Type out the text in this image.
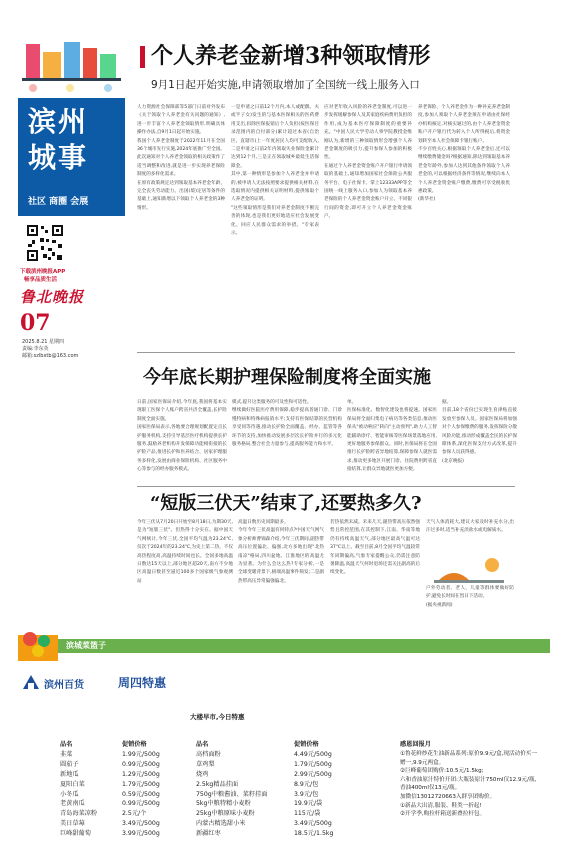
滨州
城事
社区 商圈 会展
下载滨州晚报APP
畅享品质生活
鲁北晚报
07
2025.8.21 星期四
责编:李东英
邮箱:szlbxtb@163.com
个人养老金新增3种领取情形
9月1日起开始实施,申请领取增加了全国统一线上服务入口
人力资源社会保障部等5部门日前对外发布《关于领取个人养老金有关问题的通知》,进一步丰富个人养老金领取情形,明确具体操作办法,自9月1日起开始实施。
我国个人养老金制度于2022年11月在全国36个城市先行实施,2024年底推广至全国。此次通知对个人养老金领取的相关政策作了适当调整和改进,就是进一步实现养老保险制度的多样化需求。
在原有政策规定达到领取基本养老金年龄、完全丧失劳动能力、出国(境)定居等条件的基础上,通知新增以下领取个人养老金的3种情形。
一是申请之日前12个月内,本人或配偶、夫或半子女)发生的与基本医保相关的医药费用支出,扣除医保报销后个人负担(按医保目录范围内的自付部分)累计超过本省(自治区、直辖市)上一年度居民人均可支配收入,二是申请之日前2年内领取失业保险金累计达到12个月,三是正在领取城乡最低生活保障金。
其中,第一种情形是参加个人养老金并申请的,被申请人无法按照要求提供相关材料,在选取情况内提供相关证明材料,提供领取个人养老金的证明。
"这些领取情形是我们对养老金制度不断完善的体现,也是我们更好地适应社会发展变化、回应人民群众需求的举措。"专家表示。
应对老年收入风险的养老金制度,可以进一步发挥缓解参保人及其家庭疾病费用负担的作用,成为基本医疗保障制度的重要补充。"中国人民大学劳动人事学院教授金维刚认为,新增的三种领取情形会增强个人养老金制度的吸引力,提升参保人参加的积极性。
在通过个人养老金资金账户开户银行申请领取的基础上,通知增加国家社会保险公共服务平台、电子社保卡、掌上12333APP等全国统一线上服务入口,参加人为领取基本养老保险的个人养老金资金账户开立、不同银行间的资金,即可开立个人养老金资金账户。
养老保险、个人养老金作为一种补充养老金制度,参加人须取个人养老金须在申请由社保经办机构核定,对核实通过的,由个人养老金资金账户开户银行代为转入个人所得税后,将资金划转至本人社会保障卡银行账户。
不少百姓关心,根据领取个人养老金后,还可以继续缴费储金吗?根据通知,除达到领取基本养老金年龄外,参加人达到其他条件领取个人养老金的,可以根据经济条件等情况,继续向本人个人养老金资金账户缴费,缴费可享受税收优惠政策。
(新华社)
今年底长期护理保险制度将全面实施
日前,国家医保局介绍,今年底,我国将基本实现职工医保个人账户跨省共济全覆盖,长护险制度全面实施。
国家医保局表示,各地要合理规划配置定点长护服务机构,支持引导基层医疗机构提供长护服务,鼓励养老机构开发保障功能相衔接的长护险产品,推进长护和医养结合、居家护理服务多样化,发展由商业保险机构、社区服务中心等参与的经办服务模式。
模式,提升这类服务的可及性和可适性。
继续做好医院医疗费用保障,稳步提高普通门诊、门诊慢特病和特殊病报销水平;支持有医保结算的民营机构享受同等待遇,推动长护险全面覆盖、经办、监管等各环节的支持,加快推动发展多层次长护险并行的多元化服务格局,整合社会力量参与,提高服务能力和水平。
单。
医保标准化、数智化建设也将提速。国家医保局将全面归集电子病历等各类信息,推动医保从"被动响应"转向"主动预判",助力人工智能辅助诊疗、智能审核等医保场景落地应用,更好地服务参保群众。同时,医保局将在全国推行长护险跨省异地结算,保障参保人就医需求,推动更多地区开展门诊、住院费用跨省直接结算,让群众异地就医更加方便。
据。
目前,18个省份已实现生育津贴直接发放至参保人员。国家医保局将加强对个人参保缴费的服务,发挥保险分散风险功能,推动形成覆盖全民的长护保障体系,深化医保支付方式改革,提升参保人员获得感。
(北京晚报)
“短版三伏天”结束了,还要热多久?
今年三伏从7月20日开始至8月18日,为期30天,是为"短版三伏"。但热得十分实在。据中国天气网统计,今年三伏,全国平均气温为23.24℃,仅次于2024年的23.24℃,为史上第二热。不仅高热程度高,高温持续时间也长。全国多地高温日数达15天以上,部分地区超20天,南方不少地区高温日数甚至逼近100多个国家级气象观测站
高温日数历史同期最多。
今年今年三伏高温有何特点?中国天气网气象分析师曹锦森介绍,今年三伏期间,副热带高压位置偏北、偏强,北方多地出现"北热南凉"格局,四川盆地、江淮地区的高温尤为显著。为什么会这么热?专家分析,一是全球变暖背景下,极端高温事件频发;二是副热带高压异常偏强偏北。
若热依然未减。未来几天,副热带高压依然强势且常控范围,在其控制下,江南、华南等地仍有持续高温天气,部分地区最高气温可达37℃以上。截至目前,8月全国平均气温较常年同期偏高,气象专家提醒公众,仍需注意防暑降温,高温天气何时退场还需关注副高的后续变化。
天气人体消耗大,建议大家及时补充水分,出汗过多时,适当补充淡盐水或电解质水。
户外劳动者、老人、儿童等群体要做好防护,避免长时间在烈日下活动。
(据央视新闻)
滨城菜篮子
滨州百货	周四特惠
大楼早市,今日特惠
品名	促销价格
韭菜	1.99元/500g
圆茄子	0.99元/500g
新地瓜	1.29元/500g
夏阳白菜	1.79元/500g
小冬瓜	0.59元/500g
老黄南瓜	0.99元/500g
青岛海菜凉粉	2.5元/个
美日草莓	3.49元/500g
巨峰甜葡萄	3.99元/500g
品名	促销价格
高档面粉	4.49元/500g
草鸡梨	1.79元/500g
烧鸡	2.99元/500g
2.5kg精品挂面	8.9元/包
750g中粮酱油、菜籽挂面	3.9元/包
5kg中粮特精小麦粉	19.9元/袋
25kg中粮原味小麦粉	115元/袋
内蒙古精选甜小米	3.49元/500g
新疆红枣	18.5元/1.5kg
感恩回报月
①鲁花鲜炒花生油新品系列:原价9.9元/盒,现活动价买一赠一,9.9元两盒。
②巨峰葡萄团购价:10.5元/1.5kg;
六和香油原汁特价开团:大瓶装原汁750ml仅12.9元/瓶,香油400ml仅13元/瓶。
加微信13012720663入群享团购价。
①新品大出清,服装、鞋类一折起!
②开学季,购拉杆箱送新叠拉杆包。
